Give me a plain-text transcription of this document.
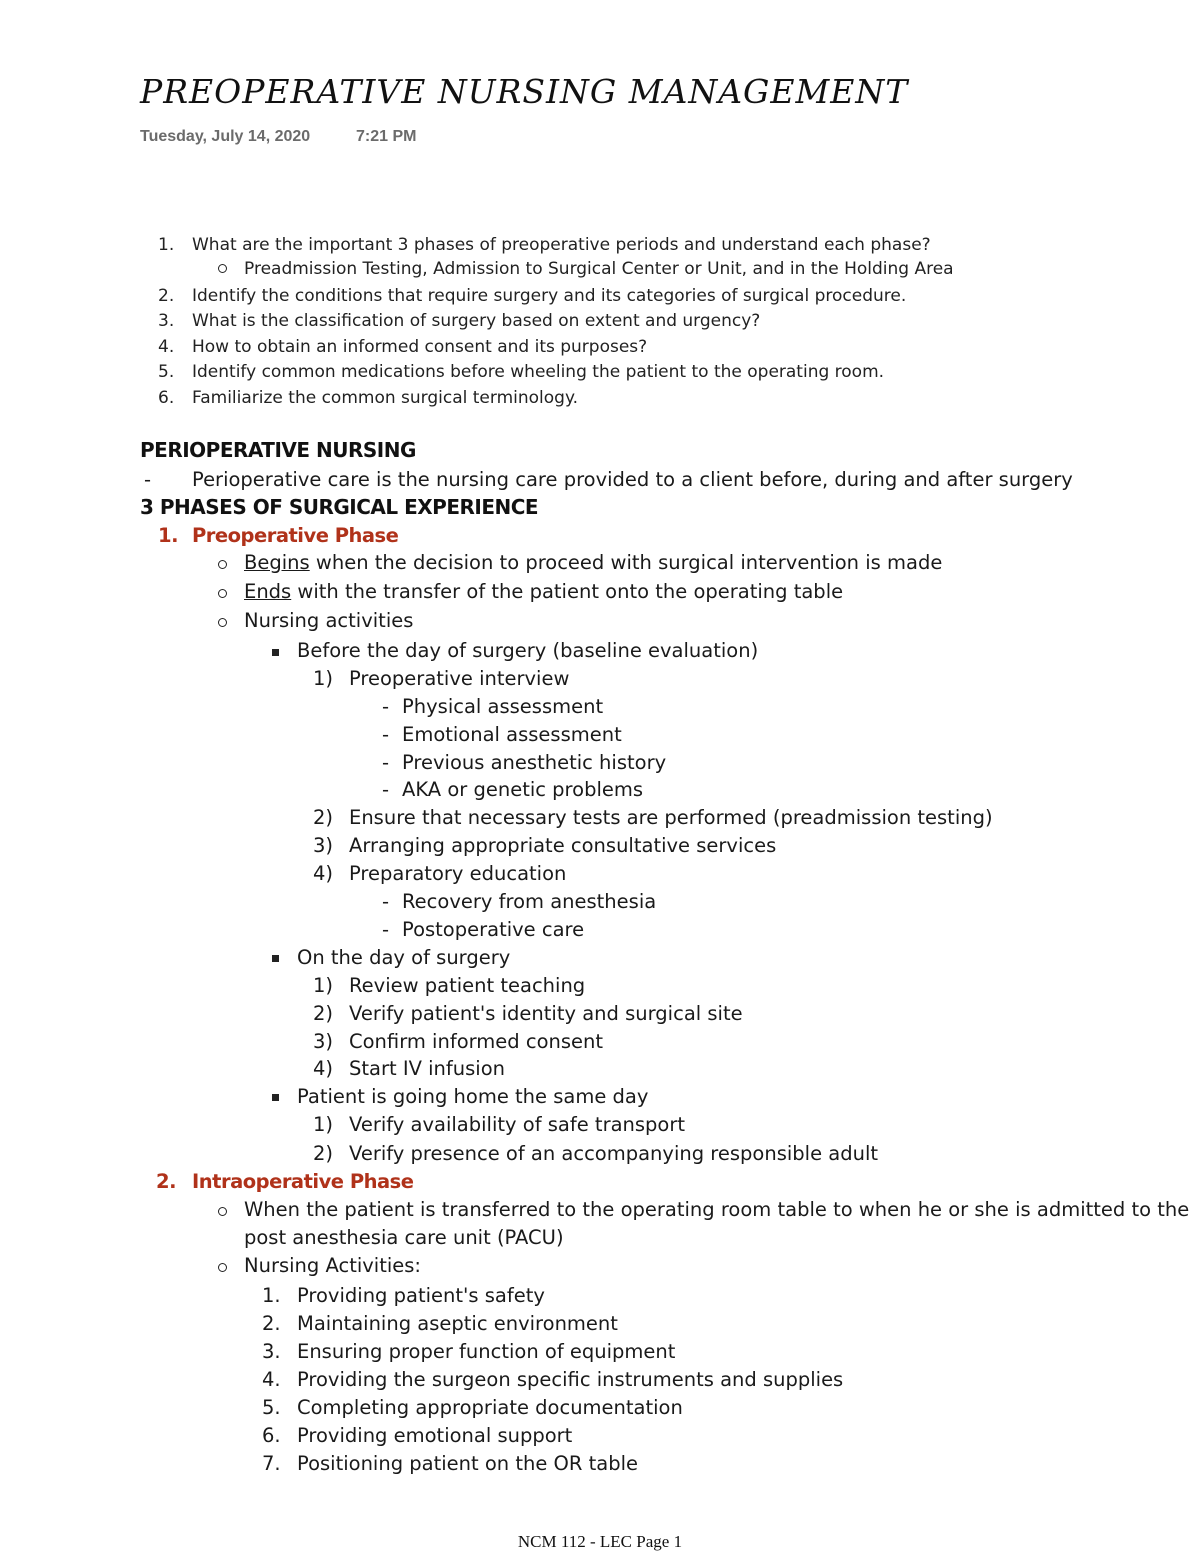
PREOPERATIVE NURSING MANAGEMENT
Tuesday, July 14, 2020	7:21 PM
1. What are the important 3 phases of preoperative periods and understand each phase?
Preadmission Testing, Admission to Surgical Center or Unit, and in the Holding Area
2. Identify the conditions that require surgery and its categories of surgical procedure.
3. What is the classification of surgery based on extent and urgency?
4. How to obtain an informed consent and its purposes?
5. Identify common medications before wheeling the patient to the operating room.
6. Familiarize the common surgical terminology.
PERIOPERATIVE NURSING
- Perioperative care is the nursing care provided to a client before, during and after surgery
3 PHASES OF SURGICAL EXPERIENCE
1. Preoperative Phase
Begins when the decision to proceed with surgical intervention is made
Ends with the transfer of the patient onto the operating table
Nursing activities
Before the day of surgery (baseline evaluation)
1) Preoperative interview
- Physical assessment
- Emotional assessment
- Previous anesthetic history
- AKA or genetic problems
2) Ensure that necessary tests are performed (preadmission testing)
3) Arranging appropriate consultative services
4) Preparatory education
- Recovery from anesthesia
- Postoperative care
On the day of surgery
1) Review patient teaching
2) Verify patient's identity and surgical site
3) Confirm informed consent
4) Start IV infusion
Patient is going home the same day
1) Verify availability of safe transport
2) Verify presence of an accompanying responsible adult
2. Intraoperative Phase
When the patient is transferred to the operating room table to when he or she is admitted to the
post anesthesia care unit (PACU)
Nursing Activities:
1. Providing patient's safety
2. Maintaining aseptic environment
3. Ensuring proper function of equipment
4. Providing the surgeon specific instruments and supplies
5. Completing appropriate documentation
6. Providing emotional support
7. Positioning patient on the OR table
NCM 112 - LEC Page 1
